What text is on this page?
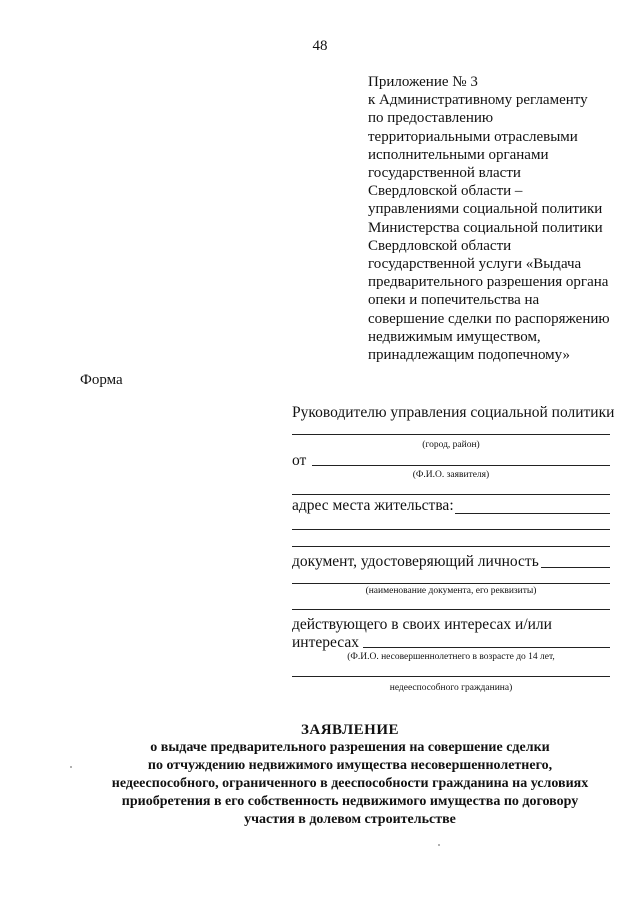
48
Приложение № 3
к Административному регламенту
по предоставлению
территориальными отраслевыми
исполнительными органами
государственной власти
Свердловской области –
управлениями социальной политики
Министерства социальной политики
Свердловской области
государственной услуги «Выдача
предварительного разрешения органа
опеки и попечительства на
совершение сделки по распоряжению
недвижимым имуществом,
принадлежащим подопечному»
Форма
Руководителю управления социальной политики
(город, район)
от
(Ф.И.О. заявителя)
адрес места жительства:
документ, удостоверяющий личность
(наименование документа, его реквизиты)
действующего в своих интересах и/или
интересах
(Ф.И.О. несовершеннолетнего в возрасте до 14 лет,
недееспособного гражданина)
ЗАЯВЛЕНИЕ
о выдаче предварительного разрешения на совершение сделки
по отчуждению недвижимого имущества несовершеннолетнего,
недееспособного, ограниченного в дееспособности гражданина на условиях
приобретения в его собственность недвижимого имущества по договору
участия в долевом строительстве
